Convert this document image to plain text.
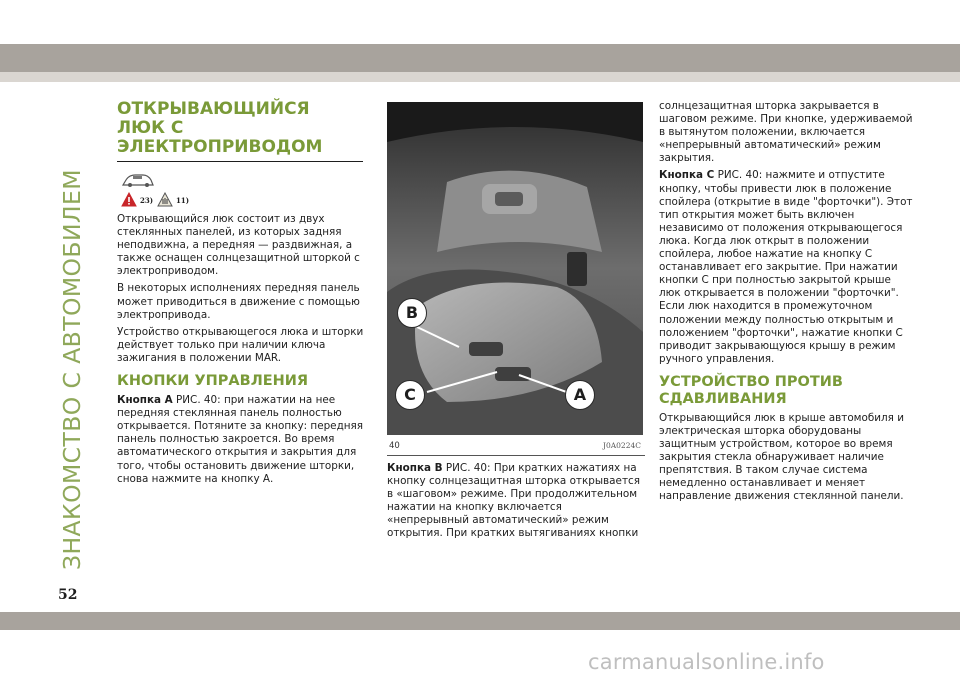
ЗНАКОМСТВО С АВТОМОБИЛЕМ
ОТКРЫВАЮЩИЙСЯ ЛЮК С ЭЛЕКТРОПРИВОДОМ
23)	11)

Открывающийся люк состоит из двух стеклянных панелей, из которых задняя неподвижна, а передняя — раздвижная, а также оснащен солнцезащитной шторкой с электроприводом.

В некоторых исполнениях передняя панель может приводиться в движение с помощью электропривода.

Устройство открывающегося люка и шторки действует только при наличии ключа зажигания в положении MAR.

КНОПКИ УПРАВЛЕНИЯ

Кнопка А РИС. 40: при нажатии на нее передняя стеклянная панель полностью открывается. Потяните за кнопку: передняя панель полностью закроется. Во время автоматического открытия и закрытия для того, чтобы остановить движение шторки, снова нажмите на кнопку А.

B
C	A
40	J0A0224C

Кнопка В РИС. 40: При кратких нажатиях на кнопку солнцезащитная шторка открывается в «шаговом» режиме. При продолжительном нажатии на кнопку включается «непрерывный автоматический» режим открытия. При кратких вытягиваниях кнопки

солнцезащитная шторка закрывается в шаговом режиме. При кнопке, удерживаемой в вытянутом положении, включается «непрерывный автоматический» режим закрытия.

Кнопка С РИС. 40: нажмите и отпустите кнопку, чтобы привести люк в положение спойлера (открытие в виде "форточки"). Этот тип открытия может быть включен независимо от положения открывающегося люка. Когда люк открыт в положении спойлера, любое нажатие на кнопку С останавливает его закрытие. При нажатии кнопки С при полностью закрытой крыше люк открывается в положении "форточки". Если люк находится в промежуточном положении между полностью открытым и положением "форточки", нажатие кнопки С приводит закрывающуюся крышу в режим ручного управления.

УСТРОЙСТВО ПРОТИВ СДАВЛИВАНИЯ

Открывающийся люк в крыше автомобиля и электрическая шторка оборудованы защитным устройством, которое во время закрытия стекла обнаруживает наличие препятствия. В таком случае система немедленно останавливает и меняет направление движения стеклянной панели.

52
carmanualsonline.info
